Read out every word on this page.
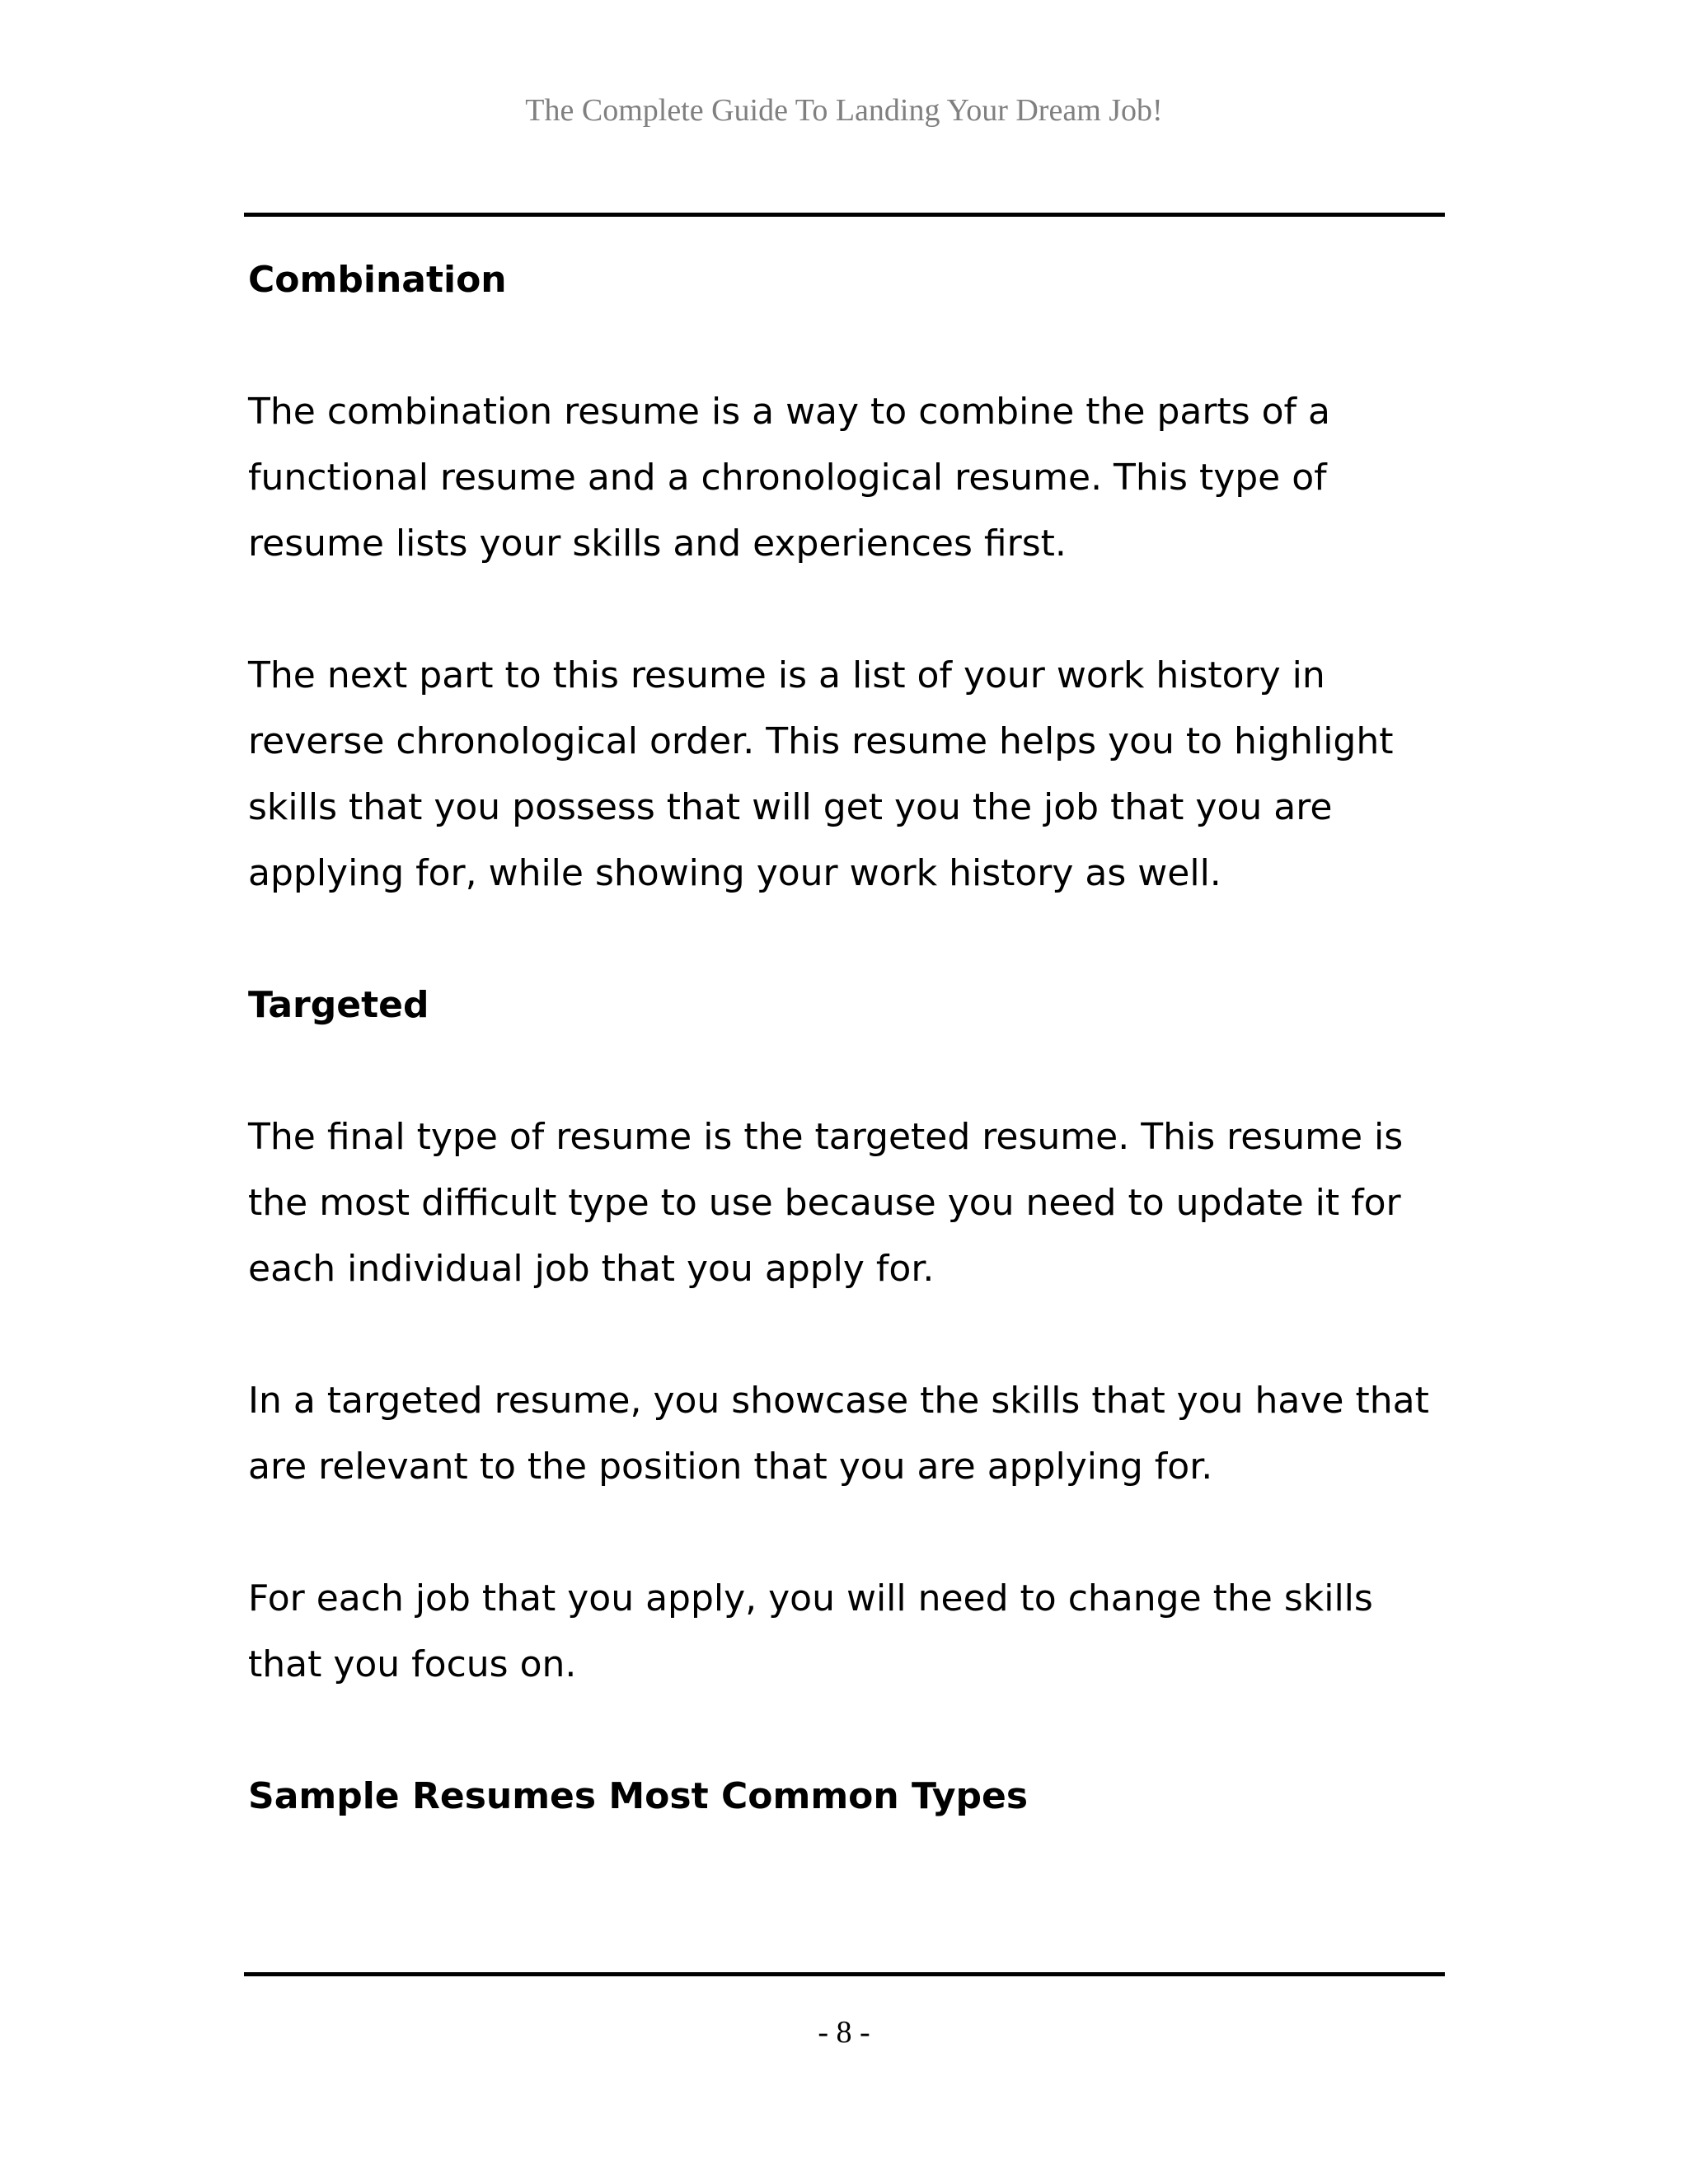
The Complete Guide To Landing Your Dream Job!

Combination

The combination resume is a way to combine the parts of a functional resume and a chronological resume. This type of resume lists your skills and experiences first.

The next part to this resume is a list of your work history in reverse chronological order. This resume helps you to highlight skills that you possess that will get you the job that you are applying for, while showing your work history as well.

Targeted

The final type of resume is the targeted resume. This resume is the most difficult type to use because you need to update it for each individual job that you apply for.

In a targeted resume, you showcase the skills that you have that are relevant to the position that you are applying for.

For each job that you apply, you will need to change the skills that you focus on.

Sample Resumes Most Common Types

- 8 -
